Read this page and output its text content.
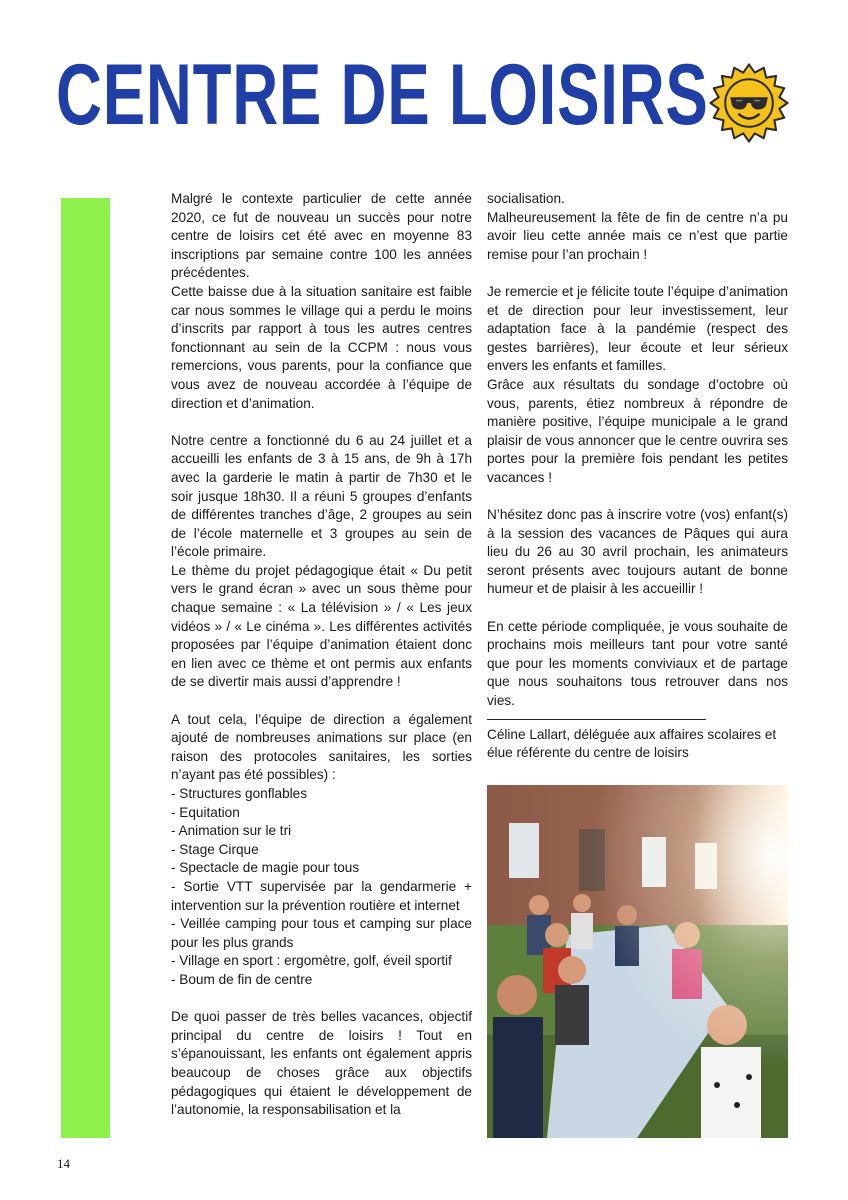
CENTRE DE LOISIRS

Malgré le contexte particulier de cette année 2020, ce fut de nouveau un succès pour notre centre de loisirs cet été avec en moyenne 83 inscriptions par semaine contre 100 les années précédentes.

Cette baisse due à la situation sanitaire est faible car nous sommes le village qui a perdu le moins d’inscrits par rapport à tous les autres centres fonctionnant au sein de la CCPM : nous vous remercions, vous parents, pour la confiance que vous avez de nouveau accordée à l’équipe de direction et d’animation.

Notre centre a fonctionné du 6 au 24 juillet et a accueilli les enfants de 3 à 15 ans, de 9h à 17h avec la garderie le matin à partir de 7h30 et le soir jusque 18h30. Il a réuni 5 groupes d’enfants de différentes tranches d’âge, 2 groupes au sein de l’école maternelle et 3 groupes au sein de l’école primaire.

Le thème du projet pédagogique était « Du petit vers le grand écran » avec un sous thème pour chaque semaine : « La télévision » / « Les jeux vidéos » / « Le cinéma ». Les différentes activités proposées par l’équipe d’animation étaient donc en lien avec ce thème et ont permis aux enfants de se divertir mais aussi d’apprendre !

A tout cela, l’équipe de direction a également ajouté de nombreuses animations sur place (en raison des protocoles sanitaires, les sorties n’ayant pas été possibles) :

- Structures gonflables

- Equitation

- Animation sur le tri

- Stage Cirque

- Spectacle de magie pour tous

- Sortie VTT supervisée par la gendarmerie + intervention sur la prévention routière et internet

- Veillée camping pour tous et camping sur place pour les plus grands

- Village en sport : ergomètre, golf, éveil sportif

- Boum de fin de centre

De quoi passer de très belles vacances, objectif principal du centre de loisirs ! Tout en s’épanouissant, les enfants ont également appris beaucoup de choses grâce aux objectifs pédagogiques qui étaient le développement de l’autonomie, la responsabilisation et la

socialisation.

Malheureusement la fête de fin de centre n’a pu avoir lieu cette année mais ce n’est que partie remise pour l’an prochain !

Je remercie et je félicite toute l’équipe d’animation et de direction pour leur investissement, leur adaptation face à la pandémie (respect des gestes barrières), leur écoute et leur sérieux envers les enfants et familles.

Grâce aux résultats du sondage d’octobre où vous, parents, étiez nombreux à répondre de manière positive, l’équipe municipale a le grand plaisir de vous annoncer que le centre ouvrira ses portes pour la première fois pendant les petites vacances !

N’hésitez donc pas à inscrire votre (vos) enfant(s) à la session des vacances de Pâques qui aura lieu du 26 au 30 avril prochain, les animateurs seront présents avec toujours autant de bonne humeur et de plaisir à les accueillir !

En cette période compliquée, je vous souhaite de prochains mois meilleurs tant pour votre santé que pour les moments conviviaux et de partage que nous souhaitons tous retrouver dans nos vies.

Céline Lallart, déléguée aux affaires scolaires et élue référente du centre de loisirs

14
